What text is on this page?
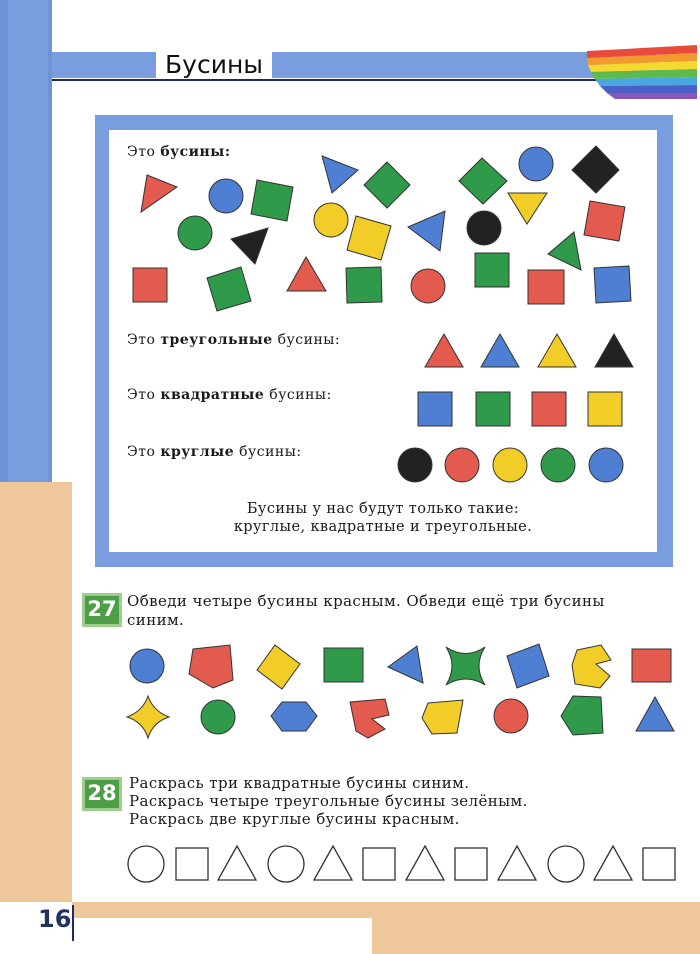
Бусины
16
Это бусины:
Это треугольные бусины:
Это квадратные бусины:
Это круглые бусины:
Бусины у нас будут только такие:
круглые, квадратные и треугольные.
27 Обведи четыре бусины красным. Обведи ещё три бусины
синим.
28 Раскрась три квадратные бусины синим.
Раскрась четыре треугольные бусины зелёным.
Раскрась две круглые бусины красным.
